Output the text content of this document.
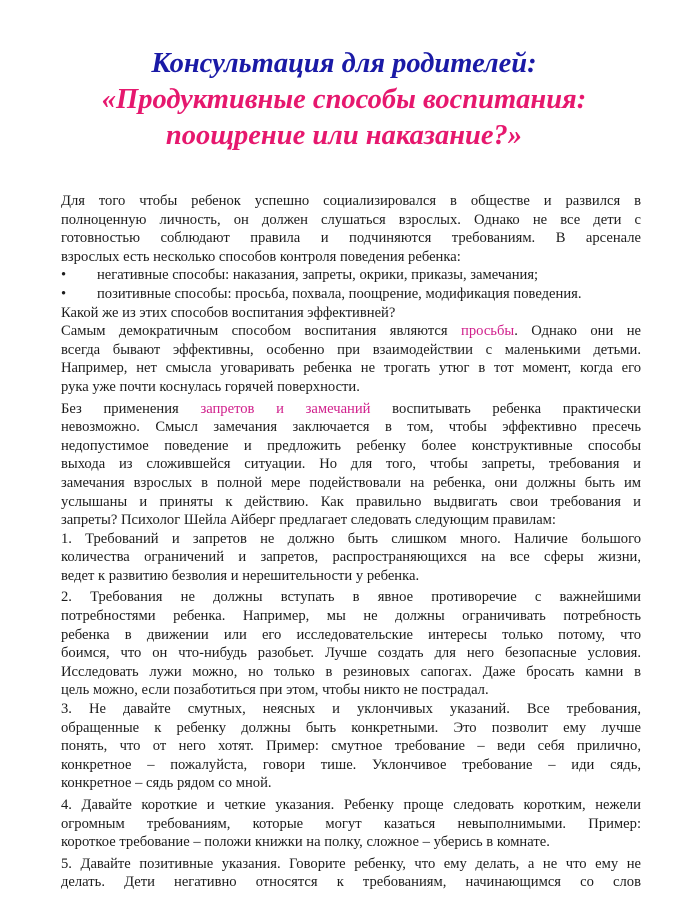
Консультация для родителей:
«Продуктивные способы воспитания:
поощрение или наказание?»
Для того чтобы ребенок успешно социализировался в обществе и развился в
полноценную личность, он должен слушаться взрослых. Однако не все дети с
готовностью соблюдают правила и подчиняются требованиям. В арсенале
взрослых есть несколько способов контроля поведения ребенка:
• негативные способы: наказания, запреты, окрики, приказы, замечания;
• позитивные способы: просьба, похвала, поощрение, модификация поведения.
Какой же из этих способов воспитания эффективней?
Самым демократичным способом воспитания являются просьбы. Однако они не
всегда бывают эффективны, особенно при взаимодействии с маленькими детьми.
Например, нет смысла уговаривать ребенка не трогать утюг в тот момент, когда его
рука уже почти коснулась горячей поверхности.
Без применения запретов и замечаний воспитывать ребенка практически
невозможно. Смысл замечания заключается в том, чтобы эффективно пресечь
недопустимое поведение и предложить ребенку более конструктивные способы
выхода из сложившейся ситуации. Но для того, чтобы запреты, требования и
замечания взрослых в полной мере подействовали на ребенка, они должны быть им
услышаны и приняты к действию. Как правильно выдвигать свои требования и
запреты? Психолог Шейла Айберг предлагает следовать следующим правилам:
1. Требований и запретов не должно быть слишком много. Наличие большого
количества ограничений и запретов, распространяющихся на все сферы жизни,
ведет к развитию безволия и нерешительности у ребенка.
2. Требования не должны вступать в явное противоречие с важнейшими
потребностями ребенка. Например, мы не должны ограничивать потребность
ребенка в движении или его исследовательские интересы только потому, что
боимся, что он что-нибудь разобьет. Лучше создать для него безопасные условия.
Исследовать лужи можно, но только в резиновых сапогах. Даже бросать камни в
цель можно, если позаботиться при этом, чтобы никто не пострадал.
3. Не давайте смутных, неясных и уклончивых указаний. Все требования,
обращенные к ребенку должны быть конкретными. Это позволит ему лучше
понять, что от него хотят. Пример: смутное требование – веди себя прилично,
конкретное – пожалуйста, говори тише. Уклончивое требование – иди сядь,
конкретное – сядь рядом со мной.
4. Давайте короткие и четкие указания. Ребенку проще следовать коротким, нежели
огромным требованиям, которые могут казаться невыполнимыми. Пример:
короткое требование – положи книжки на полку, сложное – уберись в комнате.
5. Давайте позитивные указания. Говорите ребенку, что ему делать, а не что ему не
делать. Дети негативно относятся к требованиям, начинающимся со слов
